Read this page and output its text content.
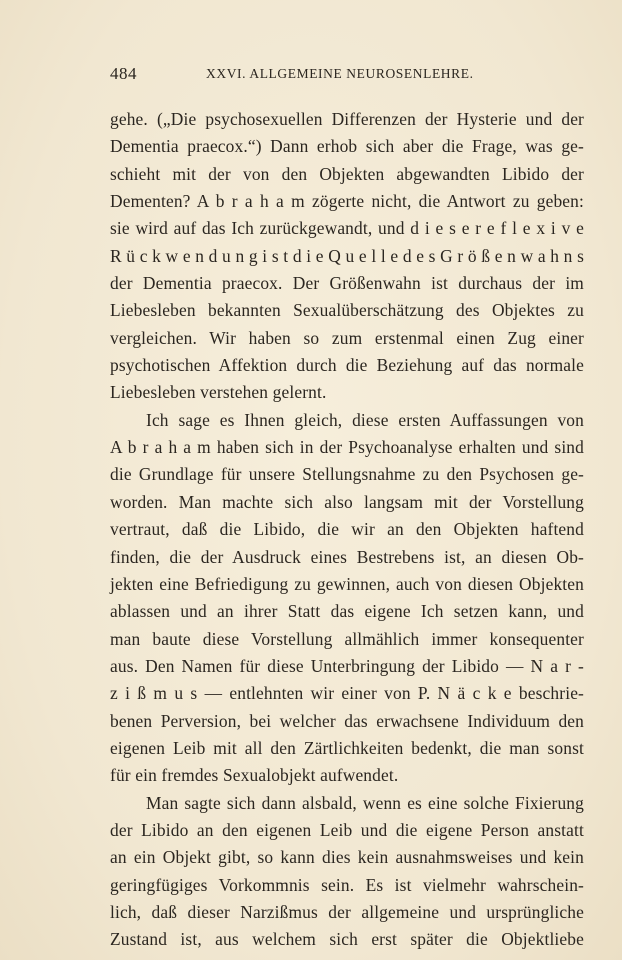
484	XXVI. ALLGEMEINE NEUROSENLEHRE.
gehe. („Die psychosexuellen Differenzen der Hysterie und der
Dementia praecox.“) Dann erhob sich aber die Frage, was ge-
schieht mit der von den Objekten abgewandten Libido der
Dementen? A b r a h a m zögerte nicht, die Antwort zu geben:
sie wird auf das Ich zurückgewandt, und d i e s e r e f l e x i v e
R ü c k w e n d u n g i s t d i e Q u e l l e d e s G r ö ß e n w a h n s
der Dementia praecox. Der Größenwahn ist durchaus der im
Liebesleben bekannten Sexualüberschätzung des Objektes zu
vergleichen. Wir haben so zum erstenmal einen Zug einer
psychotischen Affektion durch die Beziehung auf das normale
Liebesleben verstehen gelernt.
Ich sage es Ihnen gleich, diese ersten Auffassungen von
A b r a h a m haben sich in der Psychoanalyse erhalten und sind
die Grundlage für unsere Stellungsnahme zu den Psychosen ge-
worden. Man machte sich also langsam mit der Vorstellung
vertraut, daß die Libido, die wir an den Objekten haftend
finden, die der Ausdruck eines Bestrebens ist, an diesen Ob-
jekten eine Befriedigung zu gewinnen, auch von diesen Objekten
ablassen und an ihrer Statt das eigene Ich setzen kann, und
man baute diese Vorstellung allmählich immer konsequenter
aus. Den Namen für diese Unterbringung der Libido — N a r -
z i ß m u s — entlehnten wir einer von P. N ä c k e beschrie-
benen Perversion, bei welcher das erwachsene Individuum den
eigenen Leib mit all den Zärtlichkeiten bedenkt, die man sonst
für ein fremdes Sexualobjekt aufwendet.
Man sagte sich dann alsbald, wenn es eine solche Fixierung
der Libido an den eigenen Leib und die eigene Person anstatt
an ein Objekt gibt, so kann dies kein ausnahmsweises und kein
geringfügiges Vorkommnis sein. Es ist vielmehr wahrschein-
lich, daß dieser Narzißmus der allgemeine und ursprüngliche
Zustand ist, aus welchem sich erst später die Objektliebe
